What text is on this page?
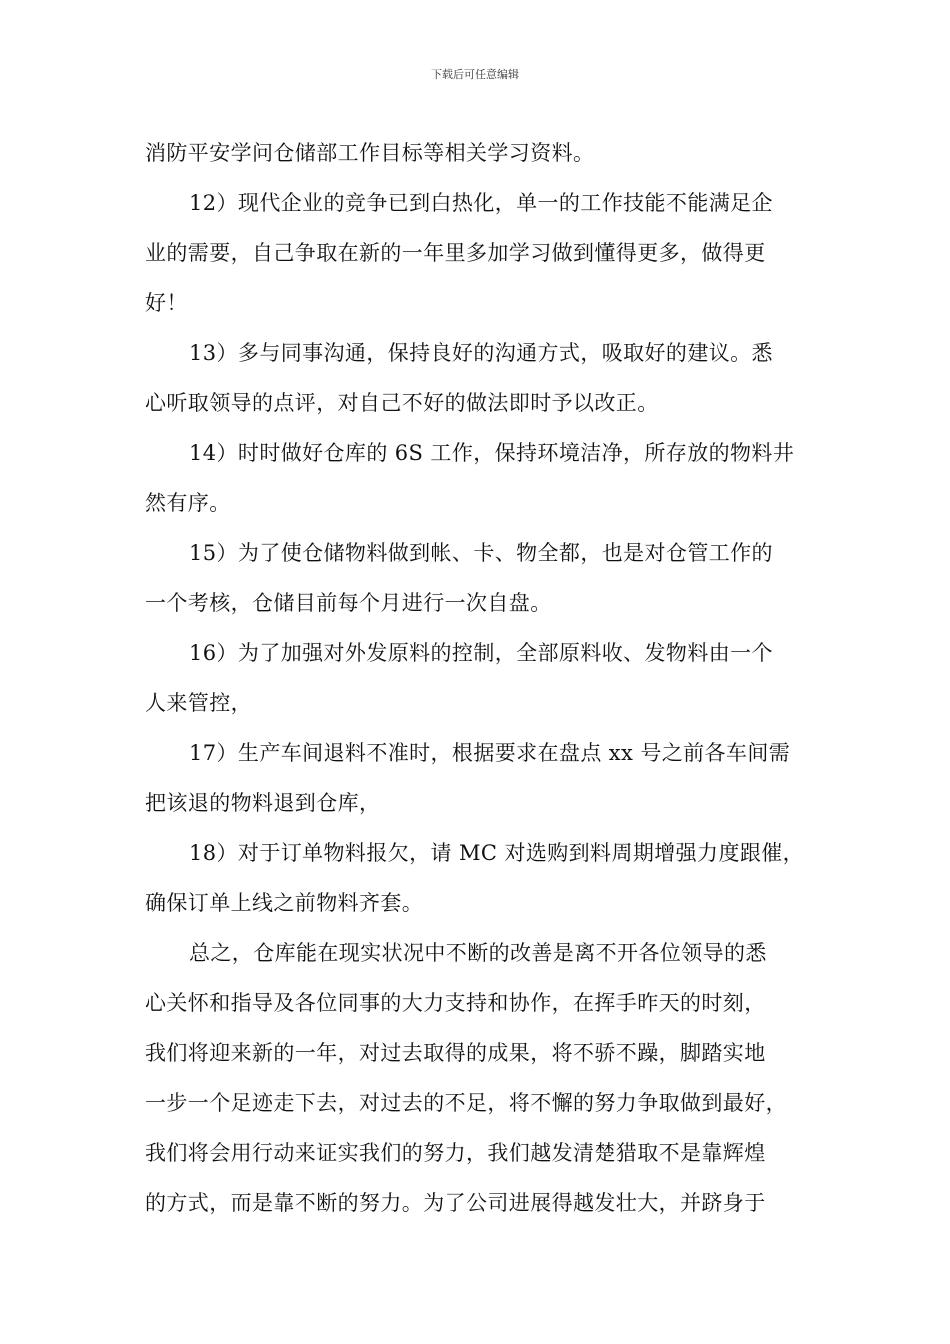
下载后可任意编辑
消防平安学问仓储部工作目标等相关学习资料。
12）现代企业的竞争已到白热化，单一的工作技能不能满足企
业的需要，自己争取在新的一年里多加学习做到懂得更多，做得更
好！
13）多与同事沟通，保持良好的沟通方式，吸取好的建议。悉
心听取领导的点评，对自己不好的做法即时予以改正。
14）时时做好仓库的 6S 工作，保持环境洁净，所存放的物料井
然有序。
15）为了使仓储物料做到帐、卡、物全都，也是对仓管工作的
一个考核，仓储目前每个月进行一次自盘。
16）为了加强对外发原料的控制，全部原料收、发物料由一个
人来管控，
17）生产车间退料不准时，根据要求在盘点 xx 号之前各车间需
把该退的物料退到仓库，
18）对于订单物料报欠，请 MC 对选购到料周期增强力度跟催，
确保订单上线之前物料齐套。
总之，仓库能在现实状况中不断的改善是离不开各位领导的悉
心关怀和指导及各位同事的大力支持和协作，在挥手昨天的时刻，
我们将迎来新的一年，对过去取得的成果，将不骄不躁，脚踏实地
一步一个足迹走下去，对过去的不足，将不懈的努力争取做到最好，
我们将会用行动来证实我们的努力，我们越发清楚猎取不是靠辉煌
的方式，而是靠不断的努力。为了公司进展得越发壮大，并跻身于
